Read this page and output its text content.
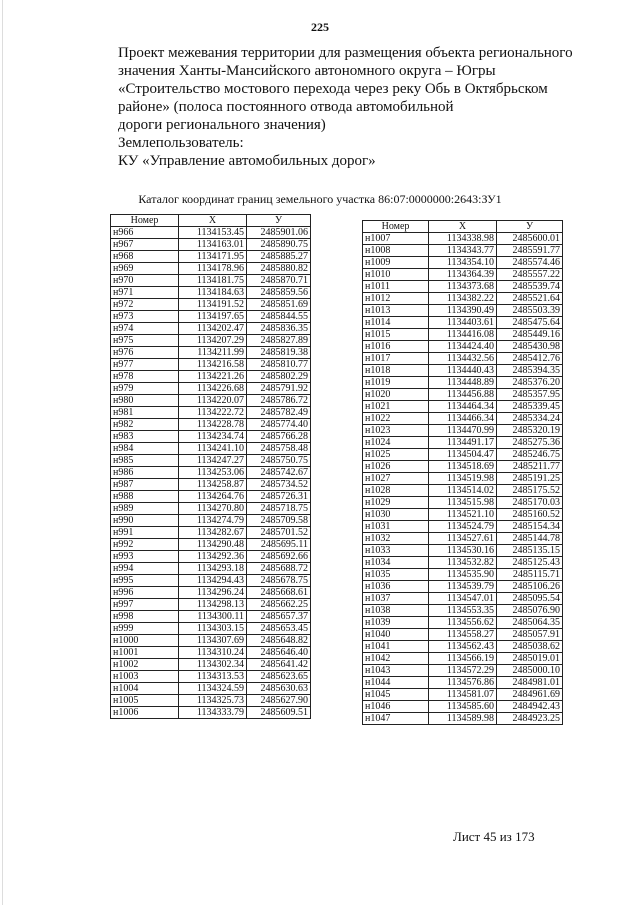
225
Проект межевания территории для размещения объекта регионального
значения Ханты-Мансийского автономного округа – Югры
«Строительство мостового перехода через реку Обь в Октябрьском
районе» (полоса постоянного отвода автомобильной
дороги регионального значения)
Землепользователь:
КУ «Управление автомобильных дорог»
Каталог координат границ земельного участка 86:07:0000000:2643:ЗУ1
Номер	X	У
н966	1134153.45	2485901.06
н967	1134163.01	2485890.75
н968	1134171.95	2485885.27
н969	1134178.96	2485880.82
н970	1134181.75	2485870.71
н971	1134184.63	2485859.56
н972	1134191.52	2485851.69
н973	1134197.65	2485844.55
н974	1134202.47	2485836.35
н975	1134207.29	2485827.89
н976	1134211.99	2485819.38
н977	1134216.58	2485810.77
н978	1134221.26	2485802.29
н979	1134226.68	2485791.92
н980	1134220.07	2485786.72
н981	1134222.72	2485782.49
н982	1134228.78	2485774.40
н983	1134234.74	2485766.28
н984	1134241.10	2485758.48
н985	1134247.27	2485750.75
н986	1134253.06	2485742.67
н987	1134258.87	2485734.52
н988	1134264.76	2485726.31
н989	1134270.80	2485718.75
н990	1134274.79	2485709.58
н991	1134282.67	2485701.52
н992	1134290.48	2485695.11
н993	1134292.36	2485692.66
н994	1134293.18	2485688.72
н995	1134294.43	2485678.75
н996	1134296.24	2485668.61
н997	1134298.13	2485662.25
н998	1134300.11	2485657.37
н999	1134303.15	2485653.45
н1000	1134307.69	2485648.82
н1001	1134310.24	2485646.40
н1002	1134302.34	2485641.42
н1003	1134313.53	2485623.65
н1004	1134324.59	2485630.63
н1005	1134325.73	2485627.90
н1006	1134333.79	2485609.51
Номер	X	У
н1007	1134338.98	2485600.01
н1008	1134343.77	2485591.77
н1009	1134354.10	2485574.46
н1010	1134364.39	2485557.22
н1011	1134373.68	2485539.74
н1012	1134382.22	2485521.64
н1013	1134390.49	2485503.39
н1014	1134403.61	2485475.64
н1015	1134416.08	2485449.16
н1016	1134424.40	2485430.98
н1017	1134432.56	2485412.76
н1018	1134440.43	2485394.35
н1019	1134448.89	2485376.20
н1020	1134456.88	2485357.95
н1021	1134464.34	2485339.45
н1022	1134466.34	2485334.24
н1023	1134470.99	2485320.19
н1024	1134491.17	2485275.36
н1025	1134504.47	2485246.75
н1026	1134518.69	2485211.77
н1027	1134519.98	2485191.25
н1028	1134514.02	2485175.52
н1029	1134515.98	2485170.03
н1030	1134521.10	2485160.52
н1031	1134524.79	2485154.34
н1032	1134527.61	2485144.78
н1033	1134530.16	2485135.15
н1034	1134532.82	2485125.43
н1035	1134535.90	2485115.71
н1036	1134539.79	2485106.26
н1037	1134547.01	2485095.54
н1038	1134553.35	2485076.90
н1039	1134556.62	2485064.35
н1040	1134558.27	2485057.91
н1041	1134562.43	2485038.62
н1042	1134566.19	2485019.01
н1043	1134572.29	2485000.10
н1044	1134576.86	2484981.01
н1045	1134581.07	2484961.69
н1046	1134585.60	2484942.43
н1047	1134589.98	2484923.25
Лист 45 из 173
